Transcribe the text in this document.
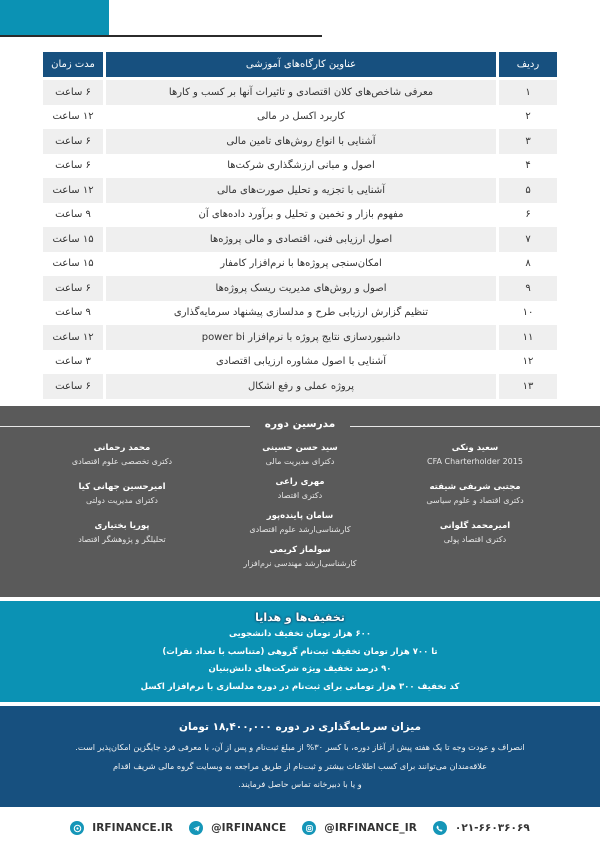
ردیف
عناوین کارگاه‌های آموزشی
مدت زمان
۱
معرفی شاخص‌های کلان اقتصادی و تاثیرات آنها بر کسب و کارها
۶ ساعت
۲
کاربرد اکسل در مالی
۱۲ ساعت
۳
آشنایی با انواع روش‌های تامین مالی
۶ ساعت
۴
اصول و مبانی ارزشگذاری شرکت‌ها
۶ ساعت
۵
آشنایی با تجزیه و تحلیل صورت‌های مالی
۱۲ ساعت
۶
مفهوم بازار و تخمین و تحلیل و برآورد داده‌های آن
۹ ساعت
۷
اصول ارزیابی فنی، اقتصادی و مالی پروژه‌ها
۱۵ ساعت
۸
امکان‌سنجی پروژه‌ها با نرم‌افزار کامفار
۱۵ ساعت
۹
اصول و روش‌های مدیریت ریسک پروژه‌ها
۶ ساعت
۱۰
تنظیم گزارش ارزیابی طرح و مدلسازی پیشنهاد سرمایه‌گذاری
۹ ساعت
۱۱
داشبوردسازی نتایج پروژه با نرم‌افزار power bi
۱۲ ساعت
۱۲
آشنایی با اصول مشاوره ارزیابی اقتصادی
۳ ساعت
۱۳
پروژه عملی و رفع اشکال
۶ ساعت
مدرسین دوره
سعید ونکی
CFA Charterholder 2015
مجتبی شریفی شیفته
دکتری اقتصاد و علوم سیاسی
امیرمحمد گلوانی
دکتری اقتصاد پولی
سید حسن حسینی
دکترای مدیریت مالی
مهری راعی
دکتری اقتصاد
سامان پاینده‌پور
کارشناسی‌ارشد علوم اقتصادی
سولماز کریمی
کارشناسی‌ارشد مهندسی نرم‌افزار
محمد رحمانی
دکتری تخصصی علوم اقتصادی
امیرحسین جهانی کیا
دکترای مدیریت دولتی
پوریا بختیاری
تحلیلگر و پژوهشگر اقتصاد
تخفیف‌ها و هدایا
۶۰۰ هزار تومان تخفیف دانشجویی
تا ۷۰۰ هزار تومان تخفیف ثبت‌نام گروهی (متناسب با تعداد نفرات)
۹۰ درصد تخفیف ویژه شرکت‌های دانش‌بنیان
کد تخفیف ۳۰۰ هزار تومانی برای ثبت‌نام در دوره مدلسازی با نرم‌افزار اکسل
میزان سرمایه‌گذاری در دوره ۱۸,۴۰۰,۰۰۰ تومان
انصراف و عودت وجه تا یک هفته پیش از آغاز دوره، با کسر ۳۰% از مبلغ ثبت‌نام و پس از آن، با معرفی فرد جایگزین امکان‌پذیر است.
علاقه‌مندان می‌توانند برای کسب اطلاعات بیشتر و ثبت‌نام از طریق مراجعه به وبسایت گروه مالی شریف اقدام
و یا با دبیرخانه تماس حاصل فرمایند.
IRFINANCE.IR	@IRFINANCE	@IRFINANCE_IR	۰۲۱-۶۶۰۳۶۰۶۹
